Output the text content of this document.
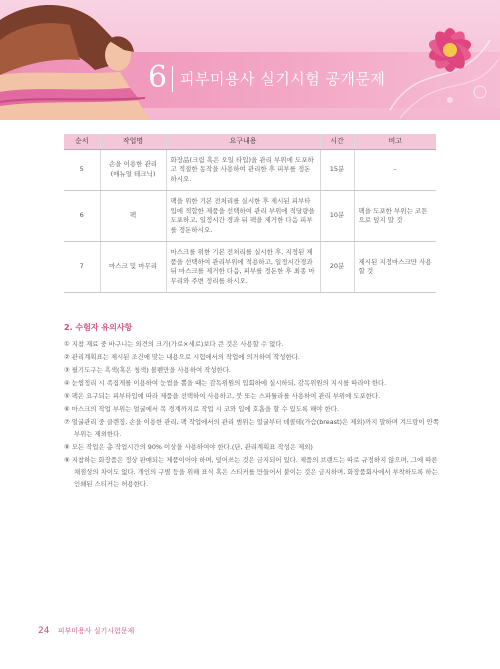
6 피부미용사 실기시험 공개문제
순서	작업명	요구내용	시간	비고
5	손을 이용한 관리 (매뉴얼 테크닉)	화장品(크림 혹은 오일 타입)을 관리 부위에 도포하고 적절한 동작을 사용하여 관리한 후 피부를 정돈하시오.	15분	–
6	팩	팩을 위한 기본 전처리를 실시한 후 제시된 피부타입에 적합한 제품을 선택하여 관리 부위에 적당량을 도포하고, 일정시간 경과 뒤 팩을 제거한 다음 피부를 정돈하시오.	10분	팩을 도포한 부위는 코튼으로 덮지 말 것
7	마스크 및 마무리	마스크를 위한 기본 전처리를 실시한 후, 지정된 제품을 선택하여 관리부위에 적용하고, 일정시간경과 뒤 마스크를 제거한 다음, 피부를 정돈한 후 최종 마무리와 주변 정리를 하시오.	20분	제시된 지정마스크만 사용할 것
2. 수험자 유의사항
① 지참 재료 중 바구니는 외견의 크기(가로×세로)보다 큰 것은 사용할 수 없다.
② 관리계획표는 제시된 조건에 맞는 내용으로 시험에서의 작업에 의거하여 작성한다.
③ 필기도구는 흑색(혹은 청색) 볼펜만을 사용하여 작성한다.
④ 눈썹정리 시 족집게를 이용하여 눈썹을 뽑을 때는 감독위원의 입회하에 실시하되, 감독위원의 지시를 따라야 한다.
⑤ 팩은 요구되는 피부타입에 따라 제품을 선택하여 사용하고, 붓 또는 스파튤라를 사용하여 관리 부위에 도포한다.
⑥ 마스크의 작업 부위는 얼굴에서 목 경계까지로 작업 시 코와 입에 호흡을 할 수 있도록 해야 한다.
⑦ 얼굴관리 중 클렌징, 손을 이용한 관리, 팩 작업에서의 관리 범위는 얼굴부터 데콜테(가슴(breast)은 제외)까지 말하며 겨드랑이 안쪽 부위는 제외한다.
⑧ 모든 작업은 총 작업시간의 90% 이상을 사용하여야 한다.(단, 관리계획표 작성은 제외)
⑨ 지참하는 화장품은 정상 판매되는 제품이어야 하며, 덮어쓰는 것은 금지되어 있다. 제품의 브랜드는 따로 규정하지 않으며, 그에 따른 채점상의 차이도 없다. 개인의 구별 등을 위해 표식 혹은 스티커를 만들어서 붙이는 것은 금지하며, 화장품회사에서 부착하도록 하는 인쇄된 스티커는 허용한다.
24 피부미용사 실기시험문제
